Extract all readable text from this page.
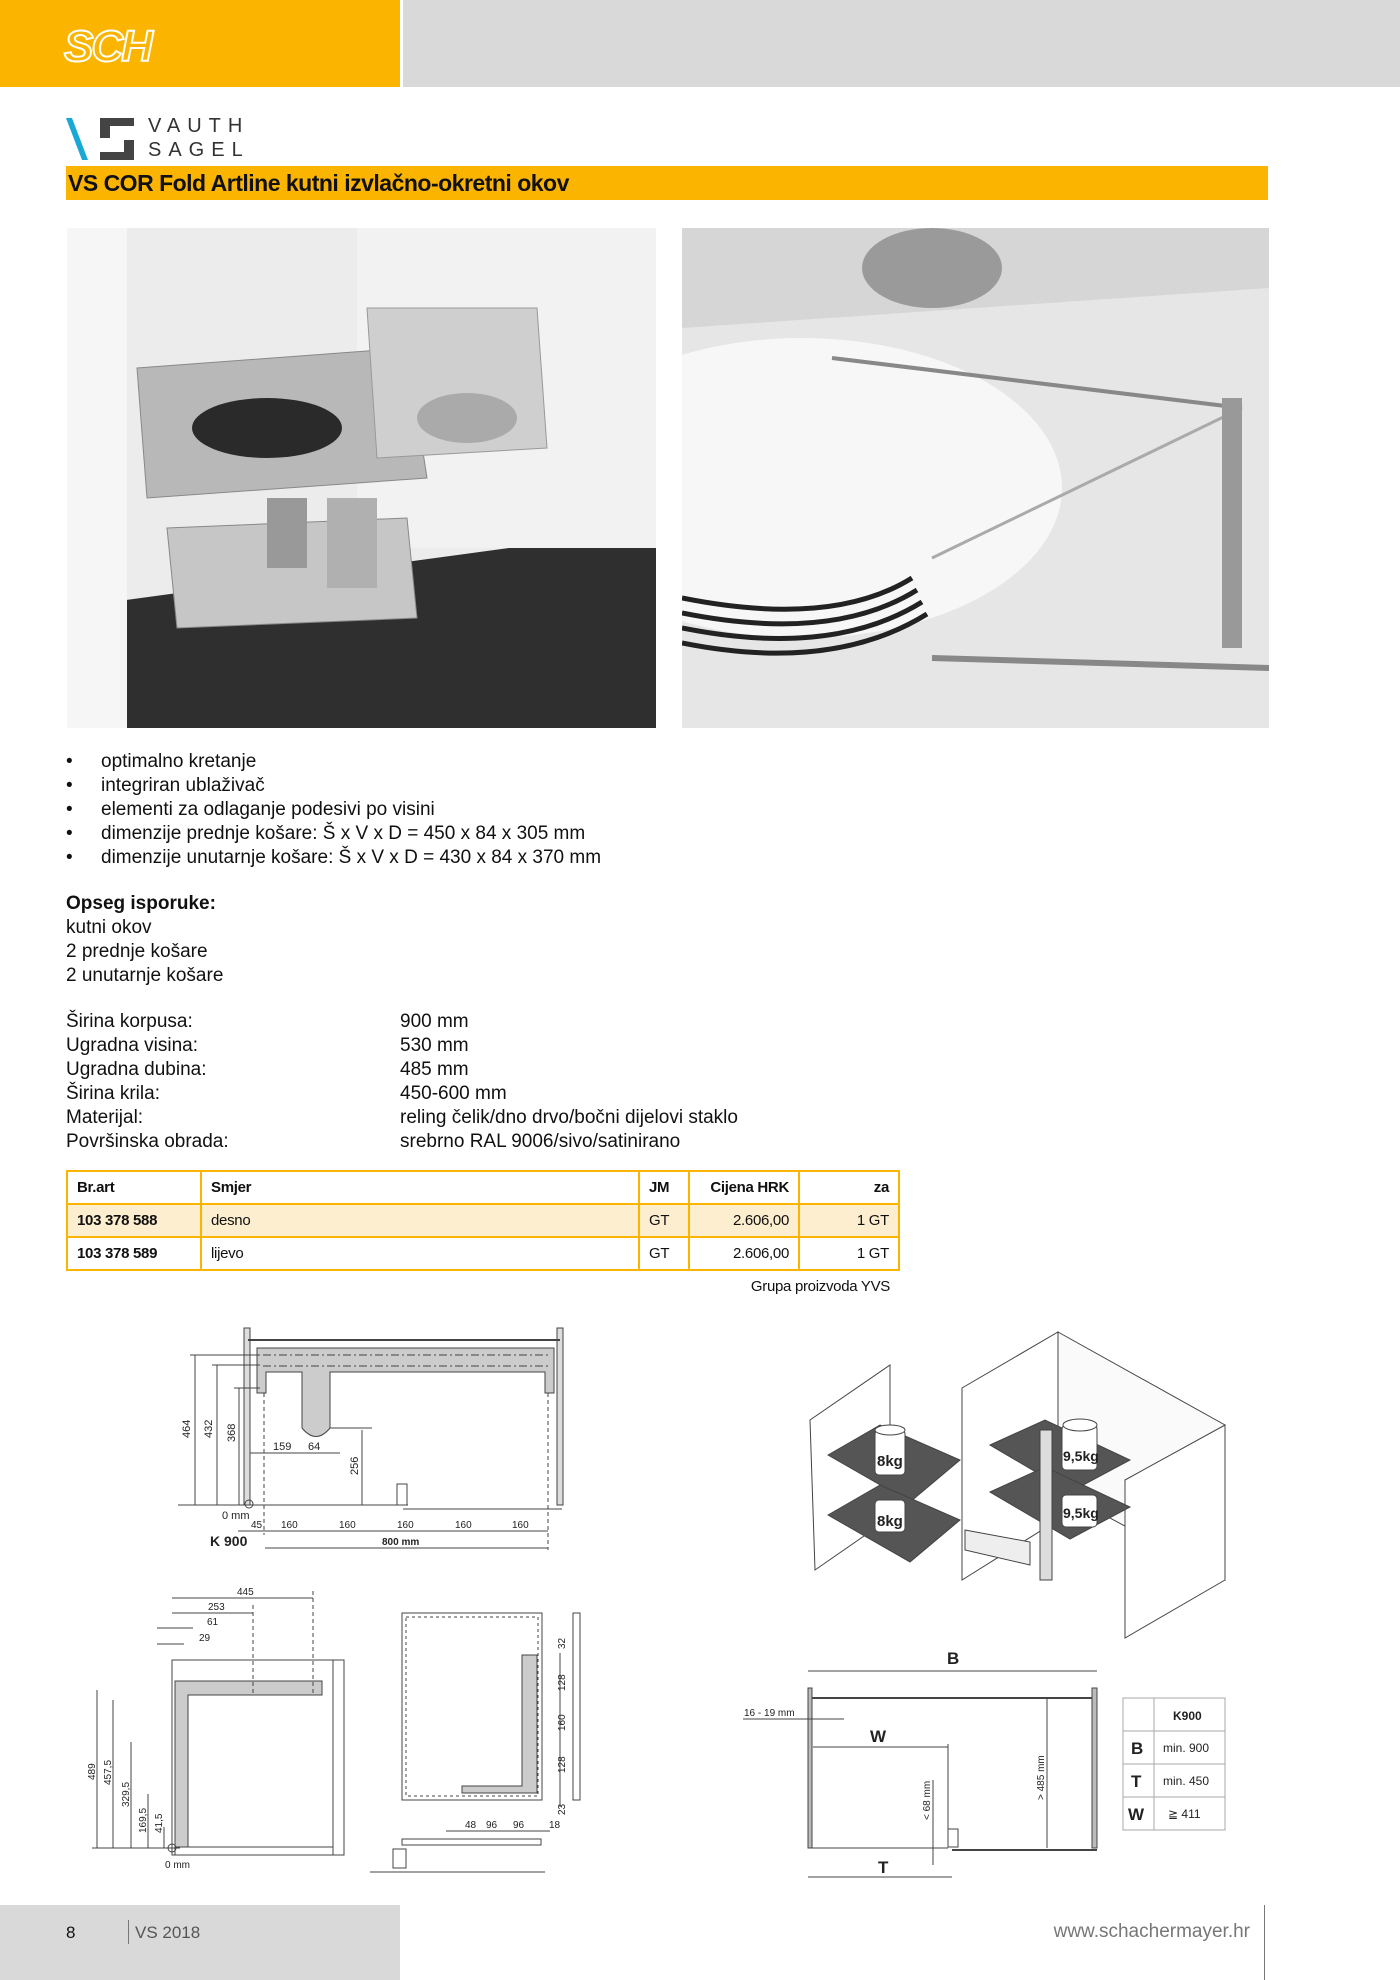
SCH
VAUTH
SAGEL
VS COR Fold Artline kutni izvlačno-okretni okov
• optimalno kretanje
• integriran ublaživač
• elementi za odlaganje podesivi po visini
• dimenzije prednje košare: Š x V x D = 450 x 84 x 305 mm
• dimenzije unutarnje košare: Š x V x D = 430 x 84 x 370 mm
Opseg isporuke:
kutni okov
2 prednje košare
2 unutarnje košare
Širina korpusa:	900 mm
Ugradna visina:	530 mm
Ugradna dubina:	485 mm
Širina krila:	450-600 mm
Materijal:	reling čelik/dno drvo/bočni dijelovi staklo
Površinska obrada:	srebrno RAL 9006/sivo/satinirano
Br.art	Smjer	JM	Cijena HRK	za
103 378 588	desno	GT	2.606,00	1 GT
103 378 589	lijevo	GT	2.606,00	1 GT
Grupa proizvoda YVS
464 432 368
256
159 64
0 mm
45 160	160	160	160	160
K 900	800 mm
445
253
61
29
489 457,5
329,5
169,5 41,5
0 mm
32
128
160
128
23
48 96 96 18
8kg
8kg
9,5kg
9,5kg
B
16 - 19 mm
W
< 68 mm
> 485 mm
T
K900
B min. 900
T min. 450
W ≧ 411
8	VS 2018	www.schachermayer.hr
